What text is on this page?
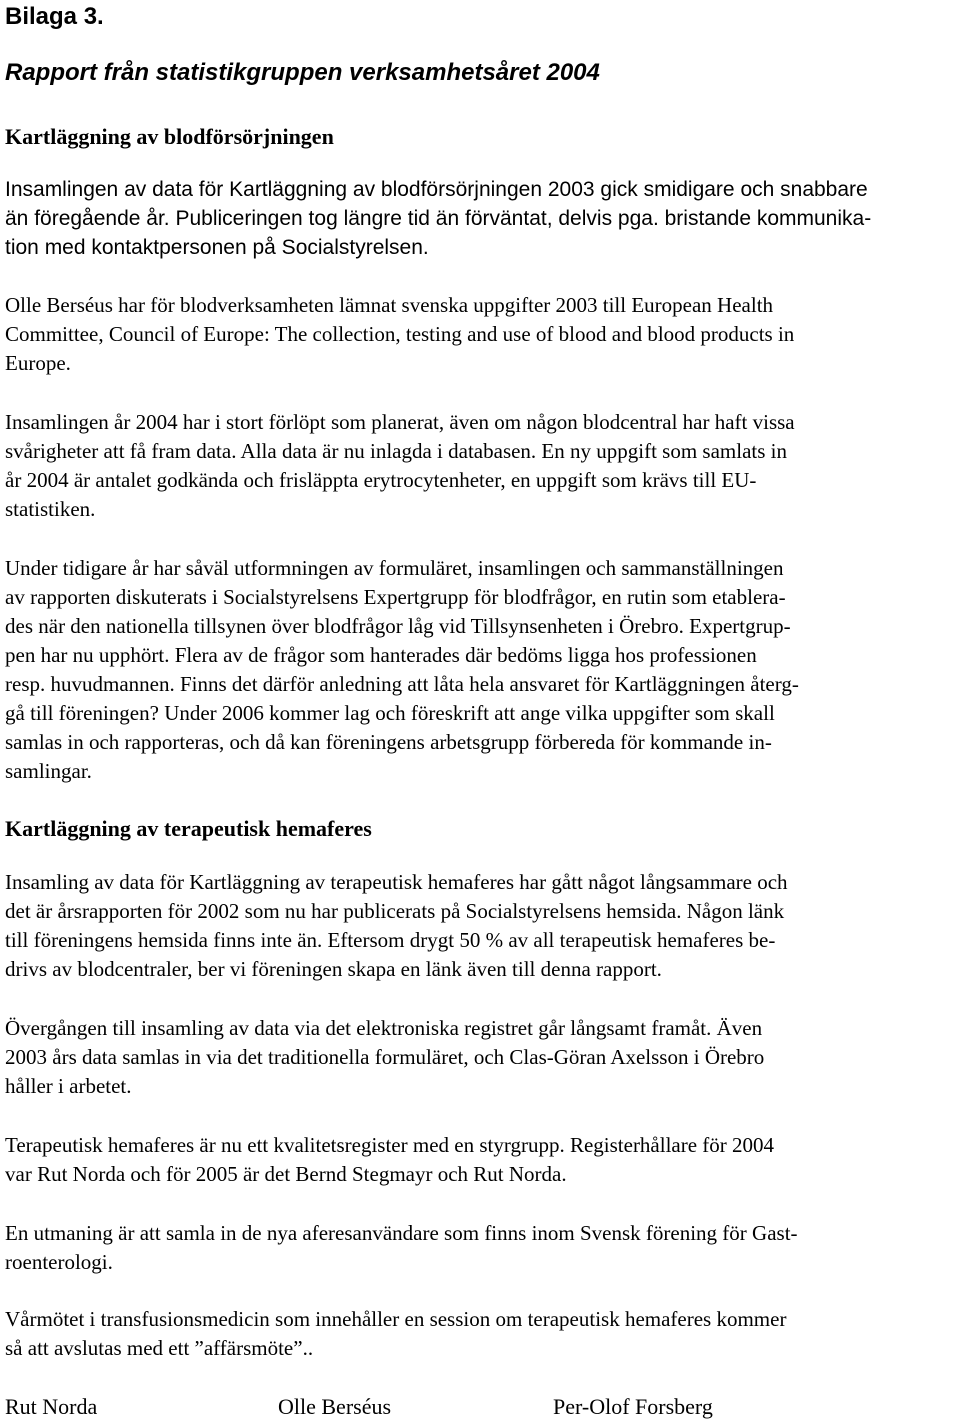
Bilaga 3.
Rapport från statistikgruppen verksamhetsåret 2004
Kartläggning av blodförsörjningen
Insamlingen av data för Kartläggning av blodförsörjningen 2003 gick smidigare och snabbare
än föregående år. Publiceringen tog längre tid än förväntat, delvis pga. bristande kommunika-
tion med kontaktpersonen på Socialstyrelsen.
Olle Berséus har för blodverksamheten lämnat svenska uppgifter 2003 till European Health
Committee, Council of Europe: The collection, testing and use of blood and blood products in
Europe.
Insamlingen år 2004 har i stort förlöpt som planerat, även om någon blodcentral har haft vissa
svårigheter att få fram data. Alla data är nu inlagda i databasen. En ny uppgift som samlats in
år 2004 är antalet godkända och frisläppta erytrocytenheter, en uppgift som krävs till EU-
statistiken.
Under tidigare år har såväl utformningen av formuläret, insamlingen och sammanställningen
av rapporten diskuterats i Socialstyrelsens Expertgrupp för blodfrågor, en rutin som etablera-
des när den nationella tillsynen över blodfrågor låg vid Tillsynsenheten i Örebro. Expertgrup-
pen har nu upphört. Flera av de frågor som hanterades där bedöms ligga hos professionen
resp. huvudmannen. Finns det därför anledning att låta hela ansvaret för Kartläggningen återg-
gå till föreningen? Under 2006 kommer lag och föreskrift att ange vilka uppgifter som skall
samlas in och rapporteras, och då kan föreningens arbetsgrupp förbereda för kommande in-
samlingar.
Kartläggning av terapeutisk hemaferes
Insamling av data för Kartläggning av terapeutisk hemaferes har gått något långsammare och
det är årsrapporten för 2002 som nu har publicerats på Socialstyrelsens hemsida. Någon länk
till föreningens hemsida finns inte än. Eftersom drygt 50 % av all terapeutisk hemaferes be-
drivs av blodcentraler, ber vi föreningen skapa en länk även till denna rapport.
Övergången till insamling av data via det elektroniska registret går långsamt framåt. Även
2003 års data samlas in via det traditionella formuläret, och Clas-Göran Axelsson i Örebro
håller i arbetet.
Terapeutisk hemaferes är nu ett kvalitetsregister med en styrgrupp. Registerhållare för 2004
var Rut Norda och för 2005 är det Bernd Stegmayr och Rut Norda.
En utmaning är att samla in de nya aferesanvändare som finns inom Svensk förening för Gast-
roenterologi.
Vårmötet i transfusionsmedicin som innehåller en session om terapeutisk hemaferes kommer
så att avslutas med ett ”affärsmöte”..
Rut Norda	Olle Berséus	Per-Olof Forsberg
